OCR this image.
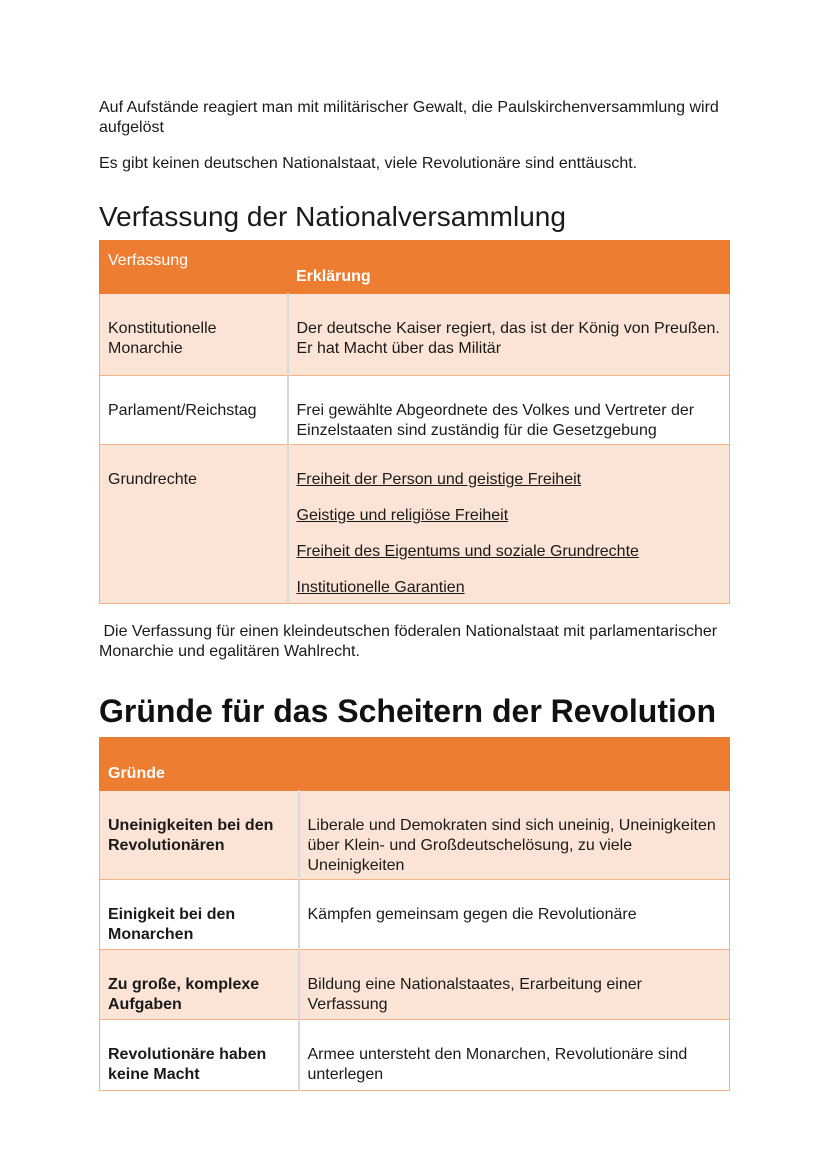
Auf Aufstände reagiert man mit militärischer Gewalt, die Paulskirchenversammlung wird aufgelöst

Es gibt keinen deutschen Nationalstaat, viele Revolutionäre sind enttäuscht.

Verfassung der Nationalversammlung
Verfassung	Erklärung
Konstitutionelle Monarchie	Der deutsche Kaiser regiert, das ist der König von Preußen. Er hat Macht über das Militär
Parlament/Reichstag	Frei gewählte Abgeordnete des Volkes und Vertreter der Einzelstaaten sind zuständig für die Gesetzgebung
Grundrechte	Freiheit der Person und geistige Freiheit
Geistige und religiöse Freiheit
Freiheit des Eigentums und soziale Grundrechte
Institutionelle Garantien

Die Verfassung für einen kleindeutschen föderalen Nationalstaat mit parlamentarischer Monarchie und egalitären Wahlrecht.

Gründe für das Scheitern der Revolution
Gründe	
Uneinigkeiten bei den Revolutionären	Liberale und Demokraten sind sich uneinig, Uneinigkeiten über Klein- und Großdeutschelösung, zu viele Uneinigkeiten
Einigkeit bei den Monarchen	Kämpfen gemeinsam gegen die Revolutionäre
Zu große, komplexe Aufgaben	Bildung eine Nationalstaates, Erarbeitung einer Verfassung
Revolutionäre haben keine Macht	Armee untersteht den Monarchen, Revolutionäre sind unterlegen
